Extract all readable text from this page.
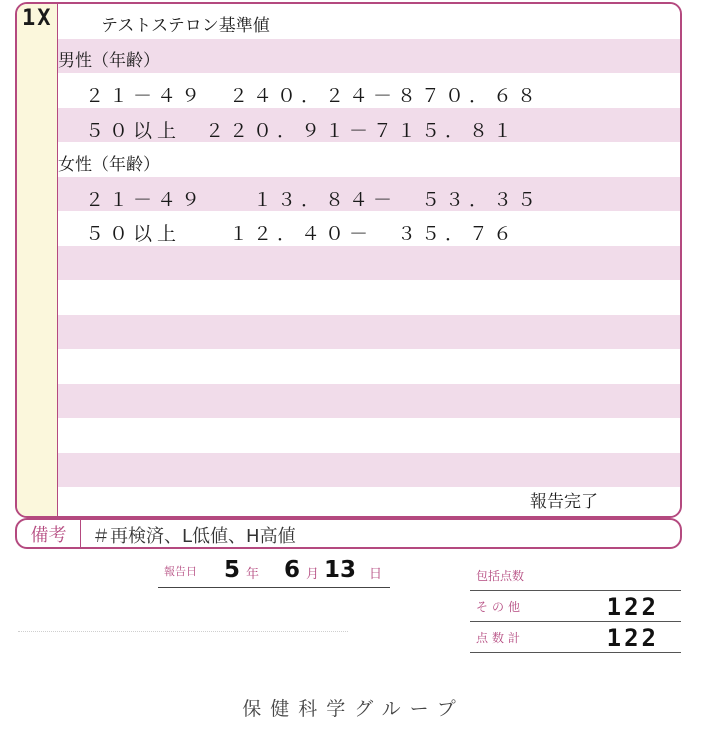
1X	テストステロン基準値
男性（年齢）
２１－４９　２４０．２４－８７０．６８
５０以上　２２０．９１－７１５．８１
女性（年齢）
２１－４９　　１３．８４－　５３．３５
５０以上　　１２．４０－　３５．７６
報告完了
備考	＃再検済、L低値、H高値
報告日 5 年 6 月 13 日	包括点数
その他	122
点数計	122
保健科学グループ
